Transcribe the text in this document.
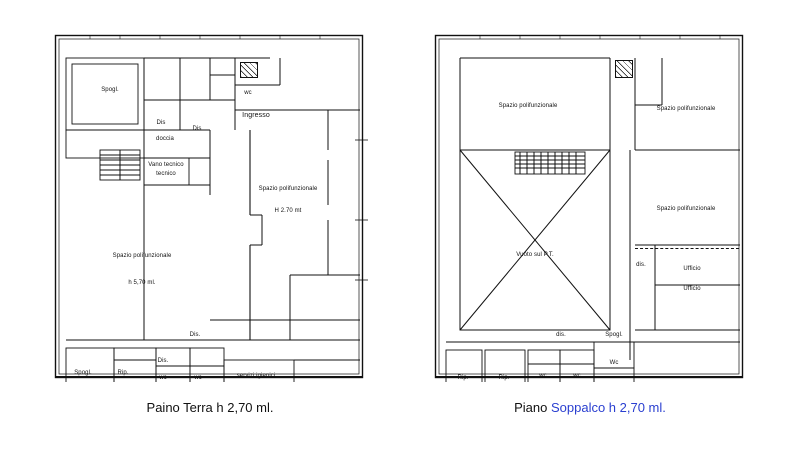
Spogl.	wc
Dis
doccia
Dis
Ingresso
Vano tecnico
tecnico
Spazio polifunzionale
H 2.70 mt
Spazio polifunzionale
h 5,70 ml.
Dis.
Spogl.	Rip.
Dis.
wc	wc	servizi igienici
Paino Terra h 2,70 ml.
Spazio polifunzionale	Spazio polifunzionale
Spazio polifunzionale
Vuoto sul P.T.
dis.
Ufficio
Ufficio
Rip.	Rip.
dis.
wc	wc
Spogl.
Wc
Piano Soppalco h 2,70 ml.
